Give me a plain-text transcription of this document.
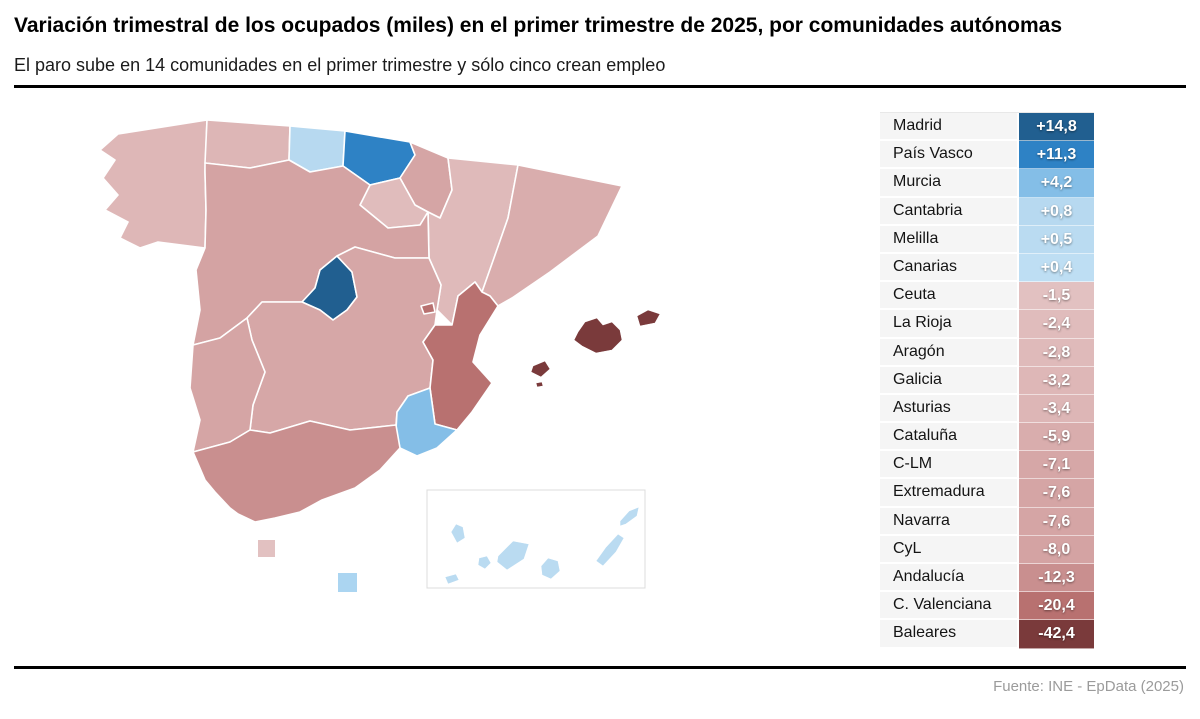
Variación trimestral de los ocupados (miles) en el primer trimestre de 2025, por comunidades autónomas
El paro sube en 14 comunidades en el primer trimestre y sólo cinco crean empleo
Madrid	+14,8
País Vasco	+11,3
Murcia	+4,2
Cantabria	+0,8
Melilla	+0,5
Canarias	+0,4
Ceuta	-1,5
La Rioja	-2,4
Aragón	-2,8
Galicia	-3,2
Asturias	-3,4
Cataluña	-5,9
C-LM	-7,1
Extremadura	-7,6
Navarra	-7,6
CyL	-8,0
Andalucía	-12,3
C. Valenciana	-20,4
Baleares	-42,4
Fuente: INE - EpData (2025)
